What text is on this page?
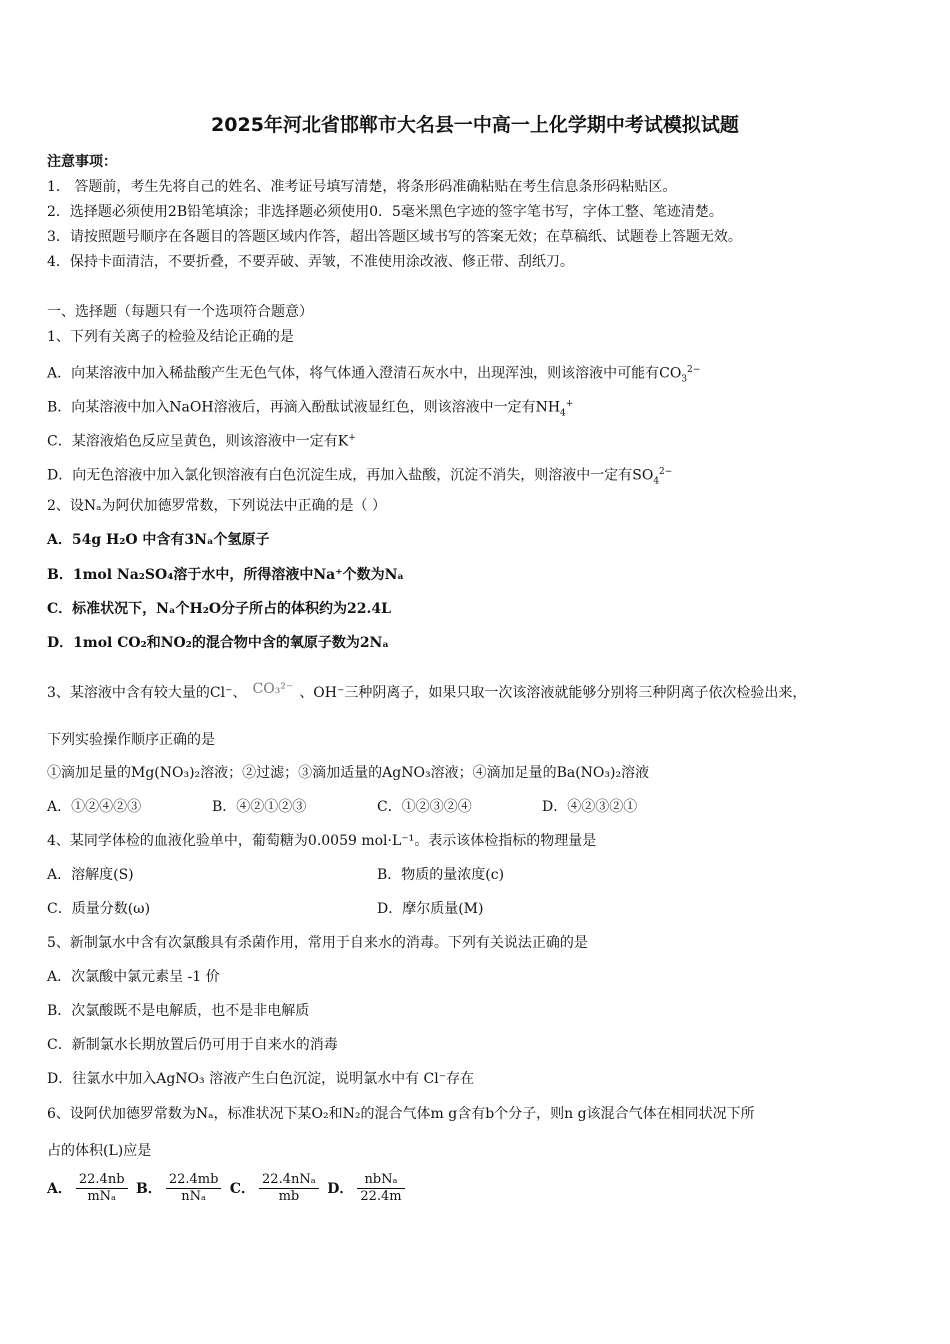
2025年河北省邯郸市大名县一中高一上化学期中考试模拟试题
注意事项：
1． 答题前，考生先将自己的姓名、准考证号填写清楚，将条形码准确粘贴在考生信息条形码粘贴区。
2．选择题必须使用2B铅笔填涂；非选择题必须使用0．5毫米黑色字迹的签字笔书写，字体工整、笔迹清楚。
3．请按照题号顺序在各题目的答题区域内作答，超出答题区域书写的答案无效；在草稿纸、试题卷上答题无效。
4．保持卡面清洁，不要折叠，不要弄破、弄皱，不准使用涂改液、修正带、刮纸刀。
一、选择题（每题只有一个选项符合题意）
1、下列有关离子的检验及结论正确的是
A．向某溶液中加入稀盐酸产生无色气体，将气体通入澄清石灰水中，出现浑浊，则该溶液中可能有$CO_3^{2-}$
B．向某溶液中加入NaOH溶液后，再滴入酚酞试液显红色，则该溶液中一定有$NH_4^+$
C．某溶液焰色反应呈黄色，则该溶液中一定有K+
D．向无色溶液中加入氯化钡溶液有白色沉淀生成，再加入盐酸，沉淀不消失，则溶液中一定有$SO_4^{2-}$
2、设Nₐ为阿伏加德罗常数，下列说法中正确的是（ ）
A．54g H₂O 中含有3Nₐ个氢原子
B．1mol Na₂SO₄溶于水中，所得溶液中Na⁺个数为Nₐ
C．标准状况下，Nₐ个H₂O分子所占的体积约为22.4L
D．1mol CO₂和NO₂的混合物中含的氧原子数为2Nₐ
3、某溶液中含有较大量的Cl⁻、 CO₃²⁻ 、OH⁻三种阴离子，如果只取一次该溶液就能够分别将三种阴离子依次检验出来，
下列实验操作顺序正确的是
①滴加足量的Mg(NO₃)₂溶液；②过滤；③滴加适量的AgNO₃溶液；④滴加足量的Ba(NO₃)₂溶液
A．①②④②③	B．④②①②③	C．①②③②④	D．④②③②①
4、某同学体检的血液化验单中，葡萄糖为0.0059 mol·L⁻¹。表示该体检指标的物理量是
A．溶解度(S)	B．物质的量浓度(c)
C．质量分数(ω)	D．摩尔质量(M)
5、新制氯水中含有次氯酸具有杀菌作用，常用于自来水的消毒。下列有关说法正确的是
A．次氯酸中氯元素呈 -1 价
B．次氯酸既不是电解质，也不是非电解质
C．新制氯水长期放置后仍可用于自来水的消毒
D．往氯水中加入AgNO₃ 溶液产生白色沉淀，说明氯水中有 Cl⁻存在
6、设阿伏加德罗常数为Nₐ，标准状况下某O₂和N₂的混合气体m g含有b个分子，则n g该混合气体在相同状况下所
占的体积(L)应是
A． $\frac{22.4nb}{\text{mNₐ}}$ B． $\frac{22.4mb}{\text{nNₐ}}$ C． $\frac{\text{22.4nNₐ}}{mb}$ D． $\frac{\text{nbNₐ}}{22.4m}$
